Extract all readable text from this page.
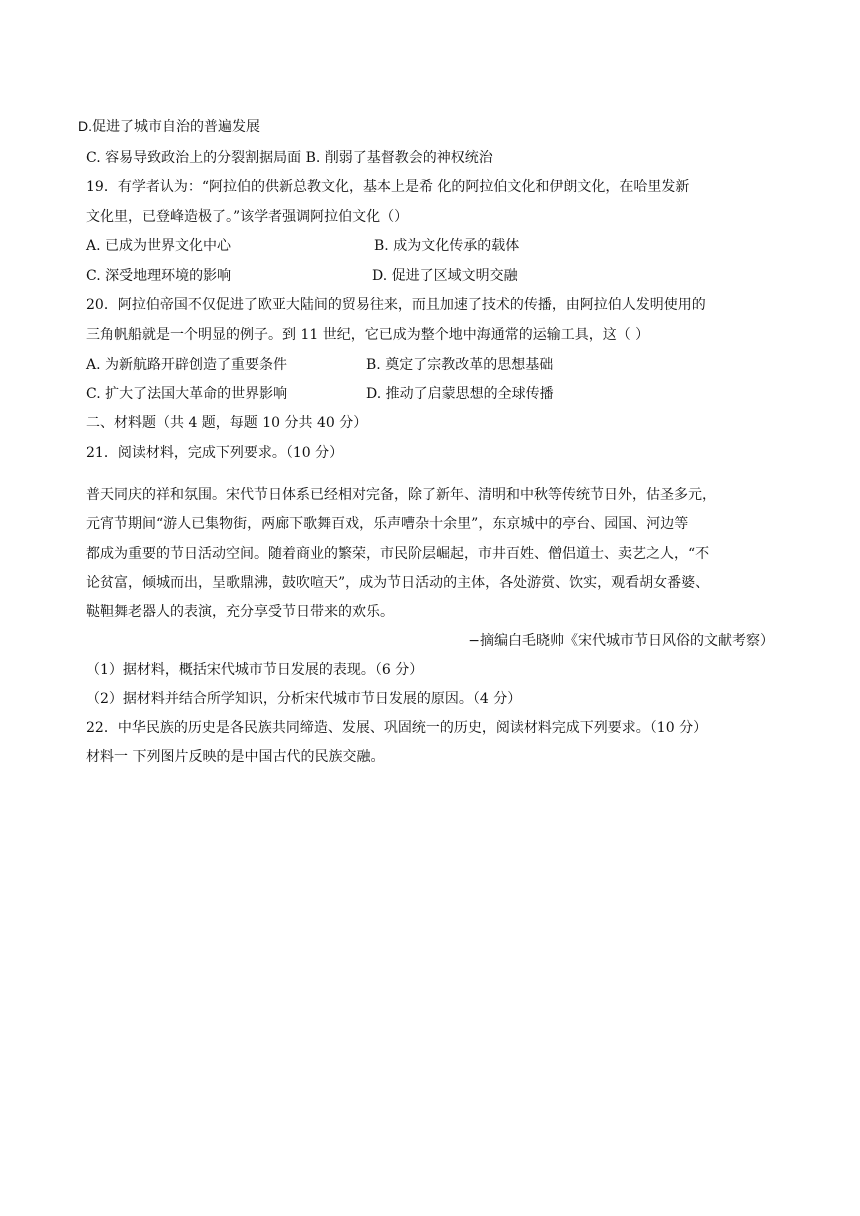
D.促进了城市自治的普遍发展
C. 容易导致政治上的分裂割据局面 B. 削弱了基督教会的神权统治
19．有学者认为：“阿拉伯的供新总教文化，基本上是希 化的阿拉伯文化和伊朗文化，在哈里发新
文化里，已登峰造极了。”该学者强调阿拉伯文化（）
A. 已成为世界文化中心	B. 成为文化传承的载体
C. 深受地理环境的影响	D. 促进了区域文明交融
20．阿拉伯帝国不仅促进了欧亚大陆间的贸易往来，而且加速了技术的传播，由阿拉伯人发明使用的
三角帆船就是一个明显的例子。到 11 世纪，它已成为整个地中海通常的运输工具，这（ ）
A. 为新航路开辟创造了重要条件	B. 奠定了宗教改革的思想基础
C. 扩大了法国大革命的世界影响	D. 推动了启蒙思想的全球传播
二、材料题（共 4 题，每题 10 分共 40 分）
21．阅读材料，完成下列要求。（10 分）
普天同庆的祥和氛围。宋代节日体系已经相对完备，除了新年、清明和中秋等传统节日外，估圣多元，
元宵节期间“游人已集物街，两廊下歌舞百戏，乐声嘈杂十余里”，东京城中的亭台、园国、河边等
都成为重要的节日活动空间。随着商业的繁荣，市民阶层崛起，市井百姓、僧侣道士、卖艺之人，“不
论贫富，倾城而出，呈歌鼎沸，鼓吹喧天”，成为节日活动的主体，各处游赏、饮实，观看胡女番婆、
鞑靼舞老器人的表演，充分享受节日带来的欢乐。
−摘编白毛晓帅《宋代城市节日风俗的文献考察）
（1）据材料，概括宋代城市节日发展的表现。（6 分）
（2）据材料并结合所学知识，分析宋代城市节日发展的原因。（4 分）
22．中华民族的历史是各民族共同缔造、发展、巩固统一的历史，阅读材料完成下列要求。（10 分）
材料一 下列图片反映的是中国古代的民族交融。
